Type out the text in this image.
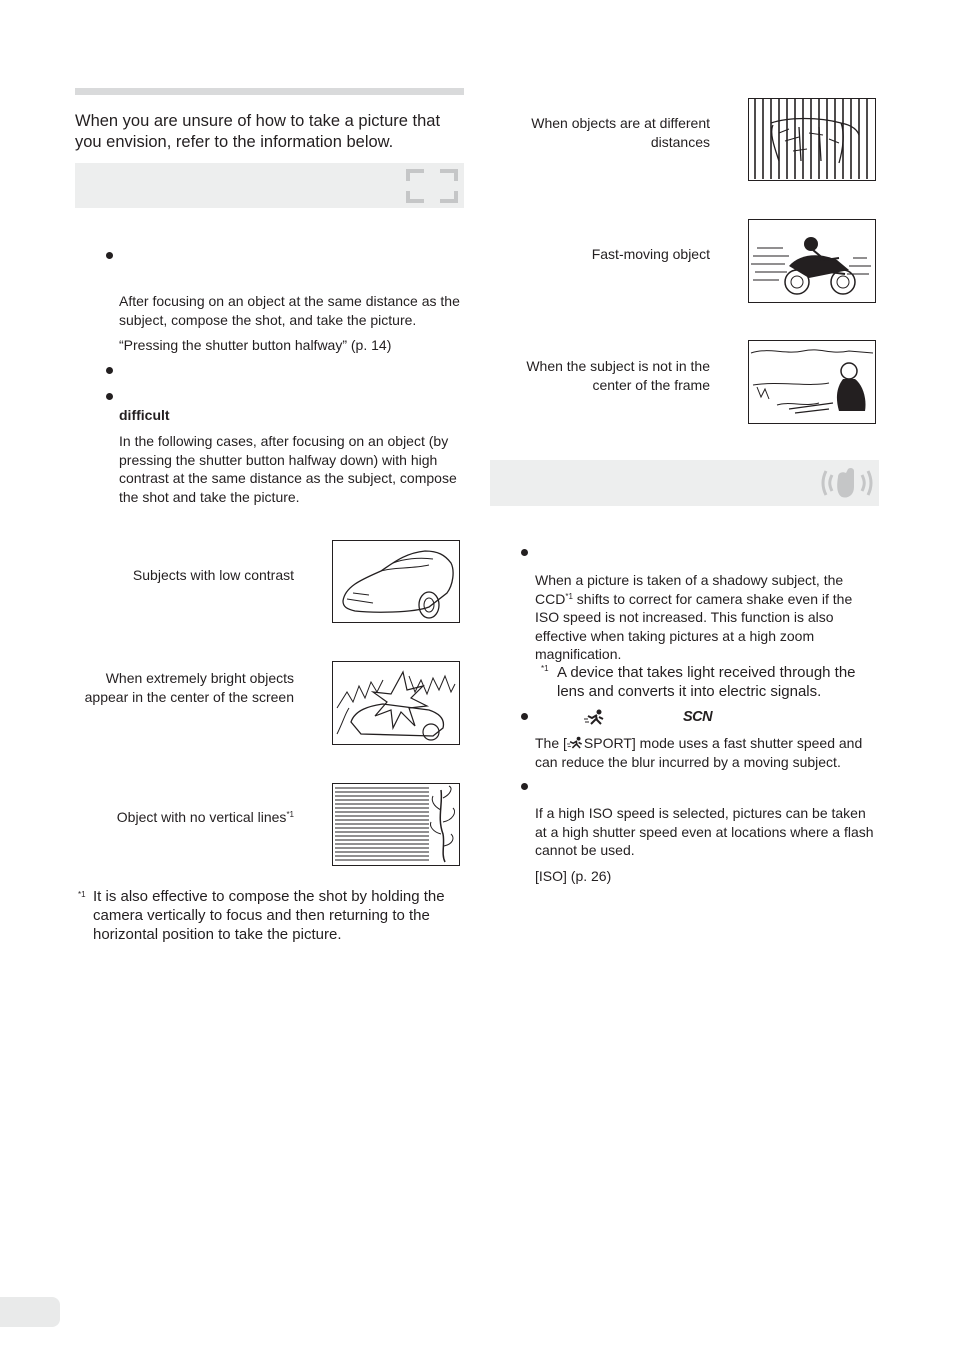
When you are unsure of how to take a picture that you envision, refer to the information below.
After focusing on an object at the same distance as the subject, compose the shot, and take the picture.
“Pressing the shutter button halfway” (p. 14)
difficult
In the following cases, after focusing on an object (by pressing the shutter button halfway down) with high contrast at the same distance as the subject, compose the shot and take the picture.
Subjects with low contrast
When extremely bright objects appear in the center of the screen
Object with no vertical lines$^{*1}$
*1 It is also effective to compose the shot by holding the camera vertically to focus and then returning to the horizontal position to take the picture.
When objects are at different distances
Fast-moving object
When the subject is not in the center of the frame
When a picture is taken of a shadowy subject, the CCD$^{*1}$ shifts to correct for camera shake even if the ISO speed is not increased. This function is also effective when taking pictures at a high zoom magnification.
*1 A device that takes light received through the lens and converts it into electric signals.
SCN
The [ SPORT] mode uses a fast shutter speed and can reduce the blur incurred by a moving subject.
If a high ISO speed is selected, pictures can be taken at a high shutter speed even at locations where a flash cannot be used.
[ISO] (p. 26)
